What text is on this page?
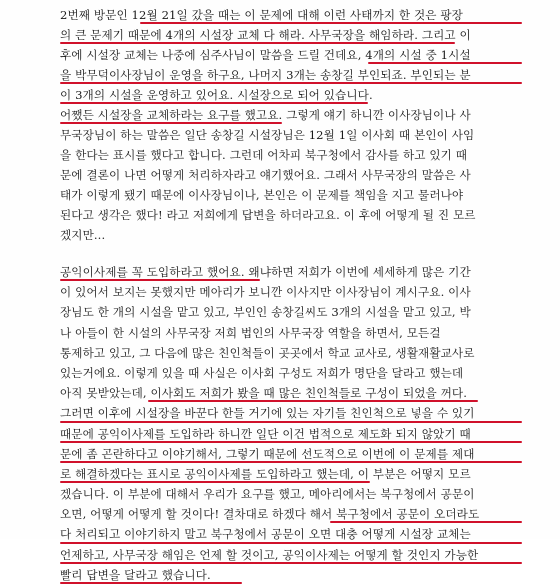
2번째 방문인 12월 21일 갔을 때는 이 문제에 대해 이런 사태까지 한 것은 팡장
의 큰 문제기 때문에 4개의 시설장 교체 다 해라. 사무국장을 해임하라. 그리고 이
후에 시설장 교체는 나중에 심주사님이 말씀을 드릴 건데요, 4개의 시설 중 1시설
을 박무덕이사장님이 운영을 하구요, 나머지 3개는 송창길 부인되죠. 부인되는 분
이 3개의 시설을 운영하고 있어요. 시설장으로 되어 있습니다.
어쨌든 시설장을 교체하라는 요구를 했고요. 그렇게 얘기 하니깐 이사장님이나 사
무국장님이 하는 말씀은 일단 송창길 시설장님은 12월 1일 이사회 때 본인이 사임
을 한다는 표시를 했다고 합니다. 그런데 어차피 북구청에서 감사를 하고 있기 때
문에 결론이 나면 어떻게 처리하자라고 얘기했어요. 그래서 사무국장의 말씀은 사
태가 이렇게 됐기 때문에 이사장님이나, 본인은 이 문제를 책임을 지고 물러나야
된다고 생각은 했다! 라고 저희에게 답변을 하더라고요. 이 후에 어떻게 될 진 모르
겠지만...
공익이사제를 꼭 도입하라고 했어요. 왜냐하면 저희가 이번에 세세하게 많은 기간
이 있어서 보지는 못했지만 메아리가 보니깐 이사지만 이사장님이 계시구요. 이사
장님도 한 개의 시설을 맡고 있고, 부인인 송창길씨도 3개의 시설을 맡고 있고, 박
나 아들이 한 시설의 사무국장 저희 법인의 사무국장 역할을 하면서, 모든걸
통제하고 있고, 그 다음에 많은 친인척들이 곳곳에서 학교 교사로, 생활재활교사로
있는거에요. 이렇게 있을 때 사실은 이사회 구성도 저희가 명단을 달라고 했는데
아직 못받았는데, 이사회도 저희가 봤을 때 많은 친인척들로 구성이 되었을 꺼다.
그러면 이후에 시설장을 바꾼다 한들 거기에 있는 자기들 친인척으로 넣을 수 있기
때문에 공익이사제를 도입하라 하니깐 일단 이건 법적으로 제도화 되지 않았기 때
문에 좀 곤란하다고 이야기해서, 그렇기 때문에 선도적으로 이번에 이 문제를 제대
로 해결하겠다는 표시로 공익이사제를 도입하라고 했는데, 이 부분은 어떻지 모르
겠습니다. 이 부분에 대해서 우리가 요구를 했고, 메아리에서는 북구청에서 공문이
오면, 어떻게 어떻게 할 것이다! 결차대로 하겠다 해서 북구청에서 공문이 오더라도
다 처리되고 이야기하지 말고 북구청에서 공문이 오면 대충 어떻게 시설장 교체는
언제하고, 사무국장 해임은 언제 할 것이고, 공익이사제는 어떻게 할 것인지 가능한
빨리 답변을 달라고 했습니다.
